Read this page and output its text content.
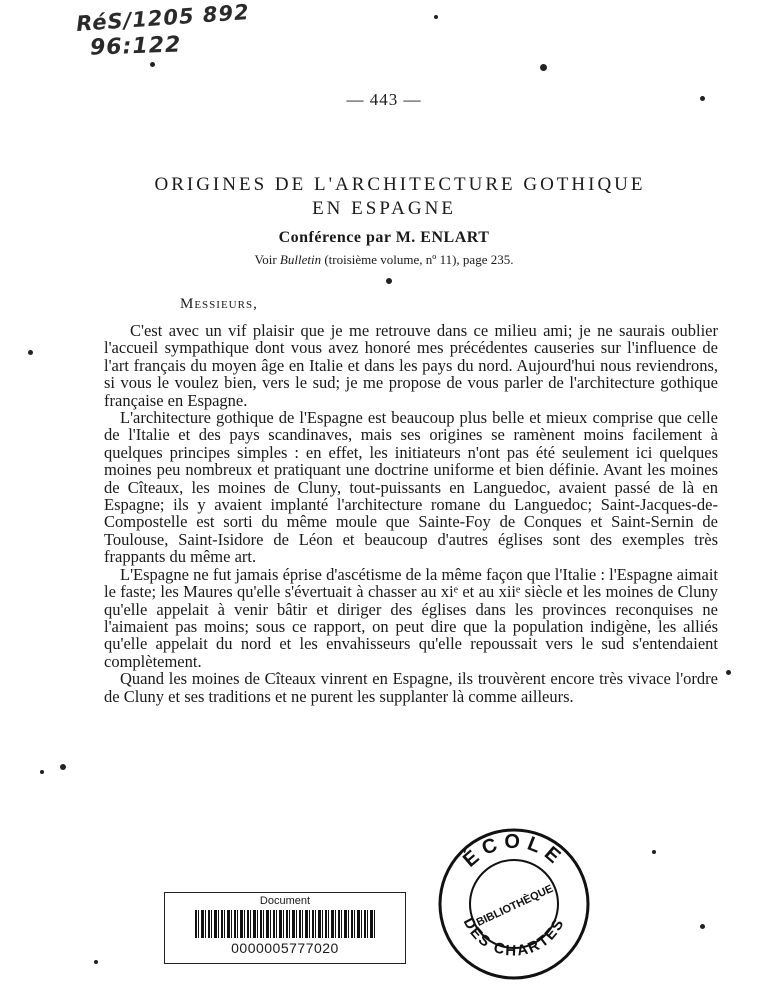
RéS/1205 892
96:122
— 443 —
ORIGINES DE L'ARCHITECTURE GOTHIQUE
EN ESPAGNE
Conférence par M. ENLART
Voir Bulletin (troisième volume, nº 11), page 235.
Messieurs,

C'est avec un vif plaisir que je me retrouve dans ce milieu ami; je ne saurais oublier l'accueil sympathique dont vous avez honoré mes précédentes causeries sur l'influence de l'art français du moyen âge en Italie et dans les pays du nord. Aujourd'hui nous reviendrons, si vous le voulez bien, vers le sud; je me propose de vous parler de l'architecture gothique française en Espagne.

L'architecture gothique de l'Espagne est beaucoup plus belle et mieux comprise que celle de l'Italie et des pays scandinaves, mais ses origines se ramènent moins facilement à quelques principes simples : en effet, les initiateurs n'ont pas été seulement ici quelques moines peu nombreux et pratiquant une doctrine uniforme et bien définie. Avant les moines de Cîteaux, les moines de Cluny, tout-puissants en Languedoc, avaient passé de là en Espagne; ils y avaient implanté l'architecture romane du Languedoc; Saint-Jacques-de-Compostelle est sorti du même moule que Sainte-Foy de Conques et Saint-Sernin de Toulouse, Saint-Isidore de Léon et beaucoup d'autres églises sont des exemples très frappants du même art.

L'Espagne ne fut jamais éprise d'ascétisme de la même façon que l'Italie : l'Espagne aimait le faste; les Maures qu'elle s'évertuait à chasser au xiᵉ et au xiiᵉ siècle et les moines de Cluny qu'elle appelait à venir bâtir et diriger des églises dans les provinces reconquises ne l'aimaient pas moins; sous ce rapport, on peut dire que la population indigène, les alliés qu'elle appelait du nord et les envahisseurs qu'elle repoussait vers le sud s'entendaient complètement.

Quand les moines de Cîteaux vinrent en Espagne, ils trouvèrent encore très vivace l'ordre de Cluny et ses traditions et ne purent les supplanter là comme ailleurs.

Document
0000005777020
ÉCOLE
DES CHARTES
BIBLIOTHÈQUE
